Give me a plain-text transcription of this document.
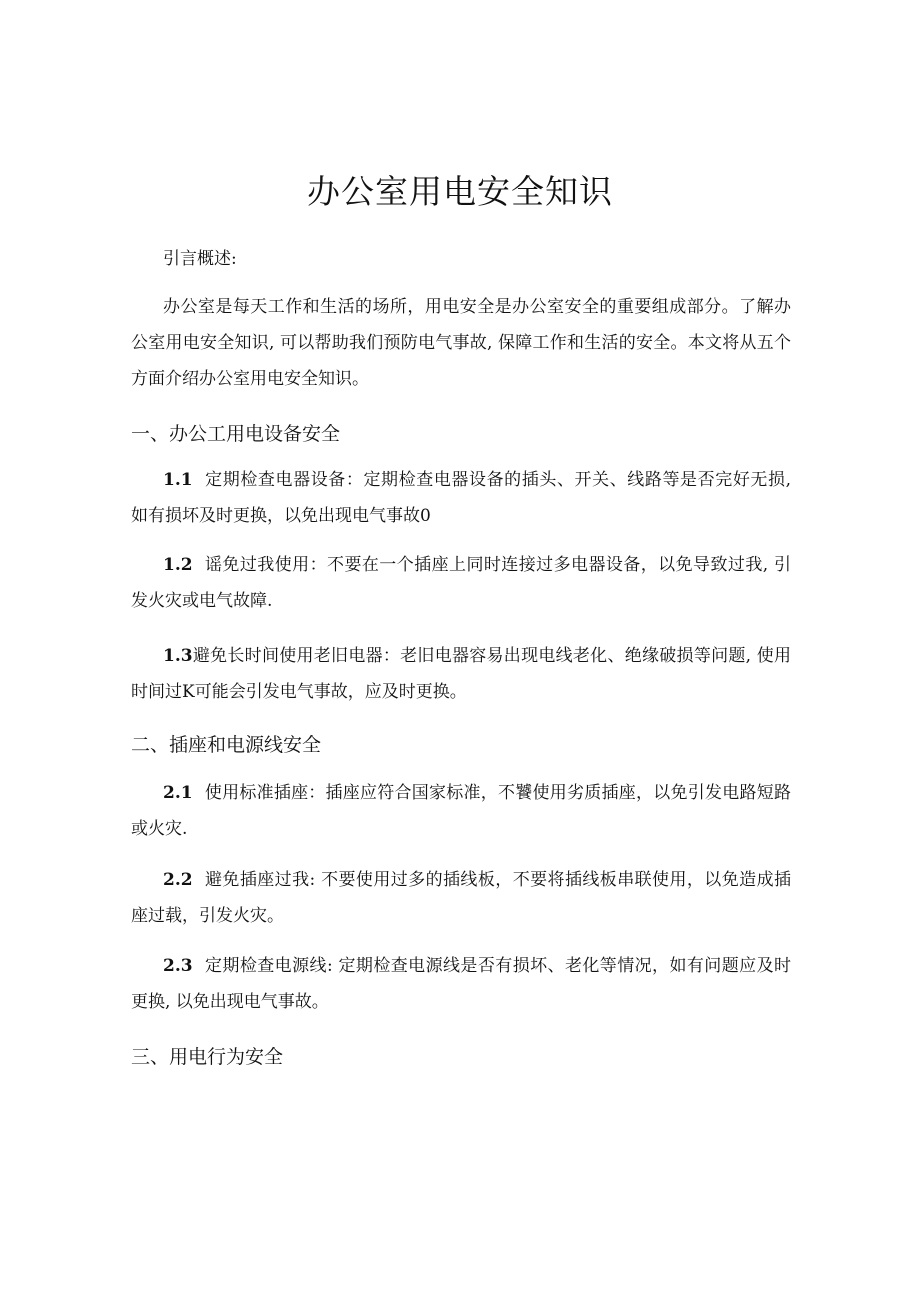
办公室用电安全知识

引言概述:

办公室是每天工作和生活的场所，用电安全是办公室安全的重要组成部分。了解办公室用电安全知识, 可以帮助我们预防电气事故, 保障工作和生活的安全。本文将从五个方面介绍办公室用电安全知识。

一、办公工用电设备安全

1.1 定期检查电器设备：定期检查电器设备的插头、开关、线路等是否完好无损, 如有损坏及时更换，以免出现电气事故0

1.2 谣免过我使用：不要在一个插座上同时连接过多电器设备，以免导致过我, 引发火灾或电气故障.

1.3避免长时间使用老旧电器：老旧电器容易出现电线老化、绝缘破损等问题, 使用时间过K可能会引发电气事故，应及时更换。

二、插座和电源线安全

2.1 使用标准插座：插座应符合国家标准，不饕使用劣质插座，以免引发电路短路或火灾.

2.2 避免插座过我: 不要使用过多的插线板，不要将插线板串联使用，以免造成插座过载，引发火灾。

2.3 定期检查电源线: 定期检查电源线是否有损坏、老化等情况，如有问题应及时更换, 以免出现电气事故。

三、用电行为安全
